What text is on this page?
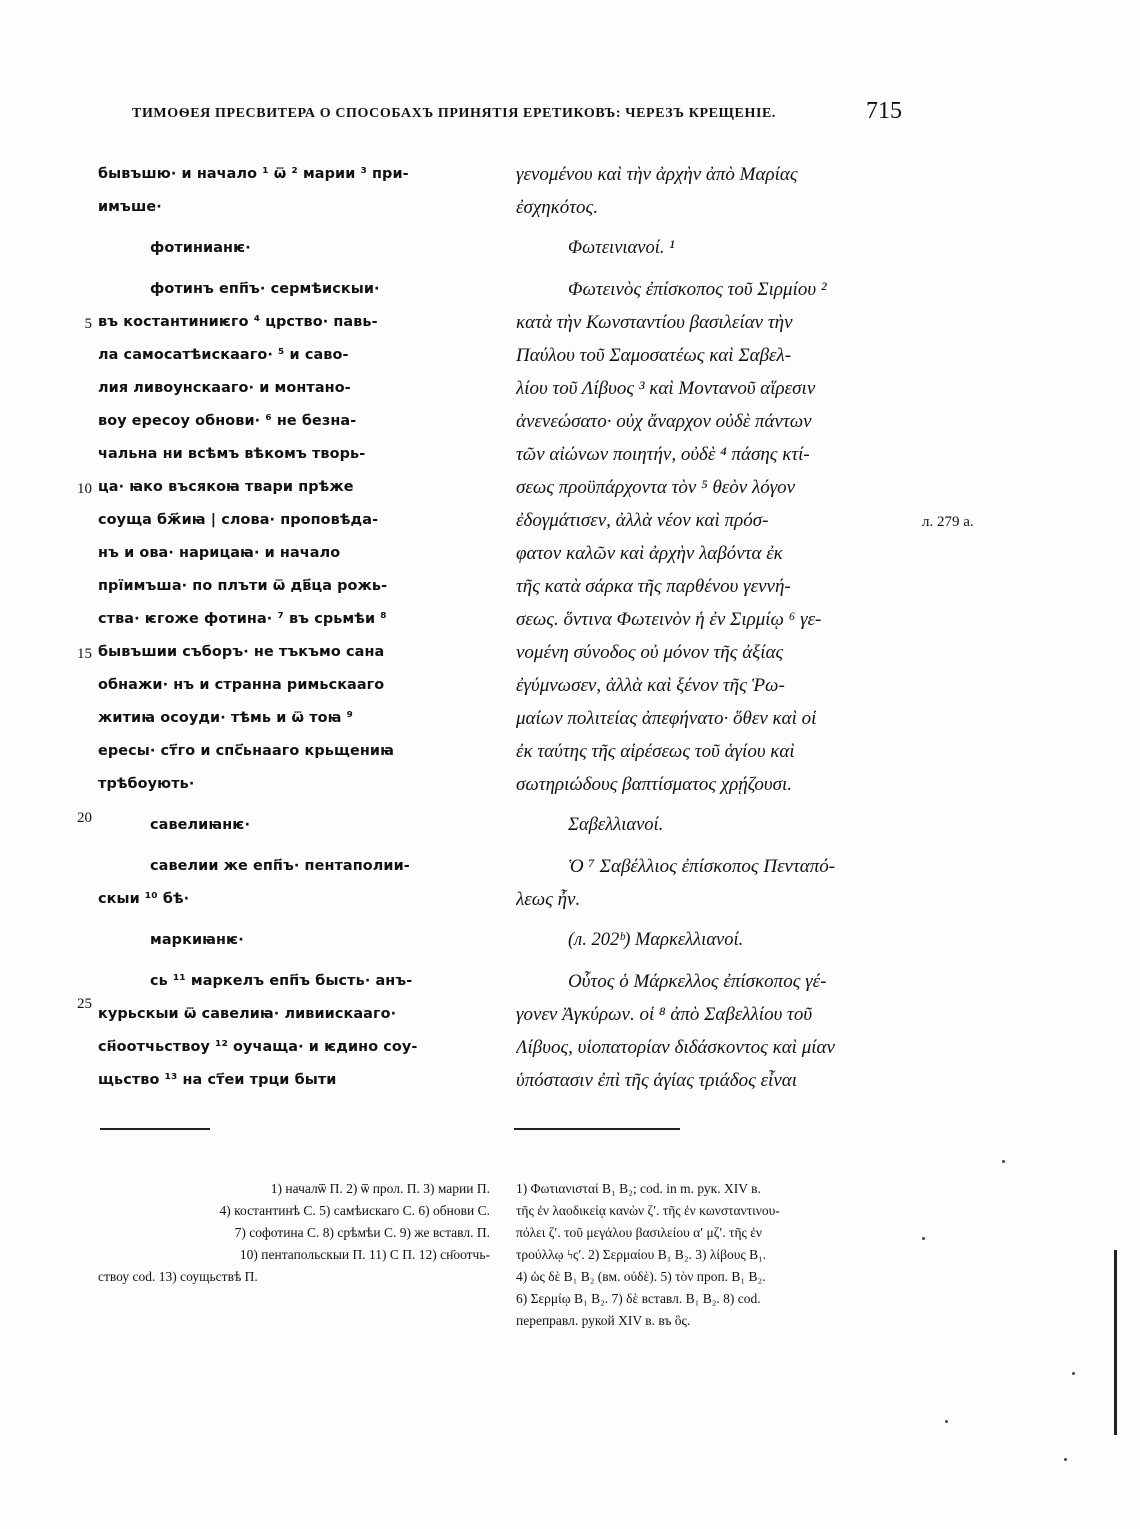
ТИМОѲЕЯ ПРЕСВИТЕРА О СПОСОБАХЪ ПРИНЯТІЯ ЕРЕТИКОВЪ: ЧЕРЕЗЪ КРЕЩЕНІЕ.	715
5
10
15
20
25
л. 279 а.
бывъшю· и начало ¹ ѿ ² марии ³ при-
имъше·
фотинианѥ·
фотинъ епп҃ъ· сермѣискыи·
въ костантиниѥго ⁴ црство· павь-
ла самосатѣискааго· ⁵ и саво-
лия ливоунскааго· и монтано-
воу ересоу обнови· ⁶ не безна-
чальна ни всѣмъ вѣкомъ творь-
ца· ꙗко въсякоꙗ твари прѣже
соуща бж҃иꙗ | слова· проповѣда-
нъ и ова· нарицаꙗ· и начало
прїимъша· по плъти ѿ дв҃ца рожь-
ства· ѥгоже фотина· ⁷ въ срьмѣи ⁸
бывъшии съборъ· не тъкъмо сана
обнажи· нъ и странна римьскааго
житиꙗ осоуди· тѣмь и ѿ тоꙗ ⁹
ересы· ст҃го и спс҃ьнааго крьщениꙗ
трѣбоують·
савелиꙗнѥ·
савелии же епп҃ъ· пентаполии-
скыи ¹⁰ бѣ·
маркиꙗнѥ·
сь ¹¹ маркелъ епп҃ъ бысть· анъ-
курьскыи ѿ савелиꙗ· ливиискааго·
сн҃оотчьствоу ¹² оучаща· и ѥдино соу-
щьство ¹³ на ст҃еи трци быти
γενομένου καὶ τὴν ἀρχὴν ἀπὸ Μαρίας
ἐσχηκότος.
Φωτεινιανοί. ¹
Φωτεινὸς ἐπίσκοπος τοῦ Σιρμίου ²
κατὰ τὴν Κωνσταντίου βασιλείαν τὴν
Παύλου τοῦ Σαμοσατέως καὶ Σαβελ-
λίου τοῦ Λίβυος ³ καὶ Μοντανοῦ αἵρεσιν
ἀνενεώσατο· οὐχ ἄναρχον οὐδὲ πάντων
τῶν αἰώνων ποιητήν, οὐδὲ ⁴ πάσης κτί-
σεως προϋπάρχοντα τὸν ⁵ θεὸν λόγον
ἐδογμάτισεν, ἀλλὰ νέον καὶ πρόσ-
φατον καλῶν καὶ ἀρχὴν λαβόντα ἐκ
τῆς κατὰ σάρκα τῆς παρθένου γεννή-
σεως. ὅντινα Φωτεινὸν ἡ ἐν Σιρμίῳ ⁶ γε-
νομένη σύνοδος οὐ μόνον τῆς ἀξίας
ἐγύμνωσεν, ἀλλὰ καὶ ξένον τῆς Ῥω-
μαίων πολιτείας ἀπεφήνατο· ὅθεν καὶ οἱ
ἐκ ταύτης τῆς αἱρέσεως τοῦ ἁγίου καὶ
σωτηριώδους βαπτίσματος χρῄζουσι.
Σαβελλιανοί.
Ὁ ⁷ Σαβέλλιος ἐπίσκοπος Πενταπό-
λεως ἦν.
(л. 202ᵇ) Μαρκελλιανοί.
Οὗτος ὁ Μάρκελλος ἐπίσκοπος γέ-
γονεν Ἀγκύρων. οἱ ⁸ ἀπὸ Σαβελλίου τοῦ
Λίβυος, υἱοπατορίαν διδάσκοντος καὶ μίαν
ὑπόστασιν ἐπὶ τῆς ἁγίας τριάδος εἶναι
1) началѿ П. 2) ѿ прол. П. 3) марии П.
4) костантинѣ С. 5) самѣискаго С. 6) обнови С.
7) софотина С. 8) срѣмѣи С. 9) же вставл. П.
10) пентапольскыи П. 11) С П. 12) сн҃оотчь-
ствоу cod. 13) соущьствѣ П.
1) Φωτιανισταί B₁ B₂; cod. in m. рук. XIV в.
τῆς ἐν λαοδικείᾳ κανὼν ζ′. τῆς ἐν κωνσταντινου-
πόλει ζ′. τοῦ μεγάλου βασιλείου α′ μζ′. τῆς ἐν
τρούλλῳ ϟς′. 2) Σερμαίου B₁ B₂. 3) λίβους B₁.
4) ὡς δὲ B₁ B₂ (вм. οὐδὲ). 5) τὸν проп. B₁ B₂.
6) Σερμίῳ B₁ B₂. 7) δὲ вставл. B₁ B₂. 8) cod.
переправл. рукой XIV в. въ ὃς.
